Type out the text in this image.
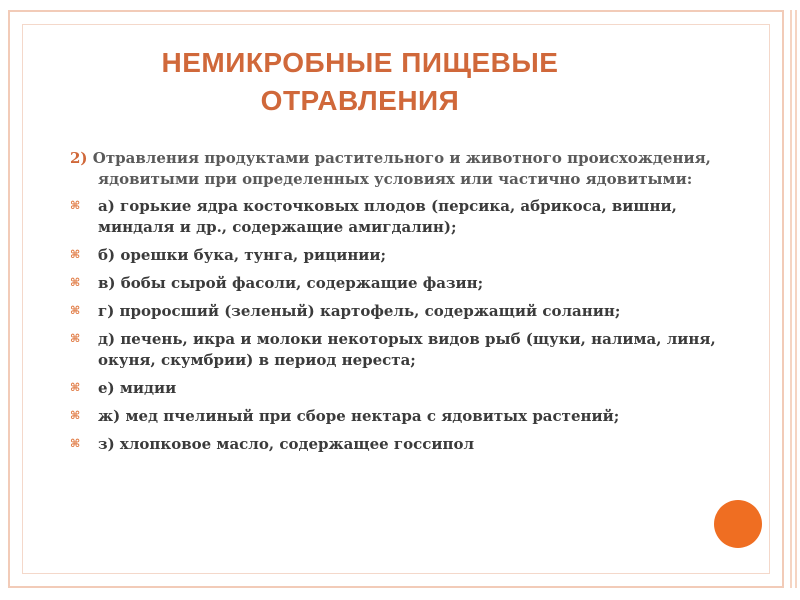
НЕМИКРОБНЫЕ ПИЩЕВЫЕ
ОТРАВЛЕНИЯ

2) Отравления продуктами растительного и животного происхождения, ядовитыми при определенных условиях или частично ядовитыми:

⌘ а) горькие ядра косточковых плодов (персика, абрикоса, вишни, миндаля и др., содержащие амигдалин);
⌘ б) орешки бука, тунга, рицинии;
⌘ в) бобы сырой фасоли, содержащие фазин;
⌘ г) проросший (зеленый) картофель, содержащий соланин;
⌘ д) печень, икра и молоки некоторых видов рыб (щуки, налима, линя, окуня, скумбрии) в период нереста;
⌘ е) мидии
⌘ ж) мед пчелиный при сборе нектара с ядовитых растений;
⌘ з) хлопковое масло, содержащее госсипол
